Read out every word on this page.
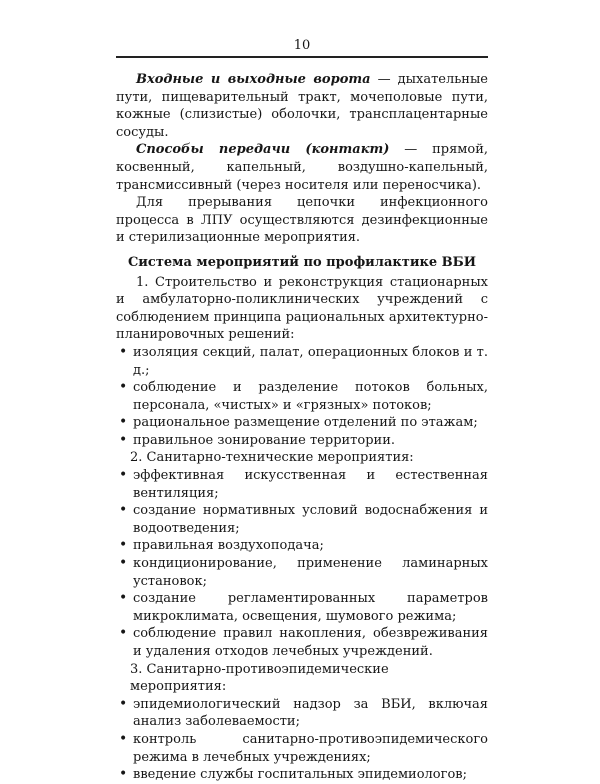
10

Входные и выходные ворота — дыхательные пути, пищеварительный тракт, мочеполовые пути, кожные (слизистые) оболочки, трансплацентарные сосуды.

Способы передачи (контакт) — прямой, косвенный, капельный, воздушно-капельный, трансмиссивный (через носителя или переносчика).

Для прерывания цепочки инфекционного процесса в ЛПУ осуществляются дезинфекционные и стерилизационные мероприятия.

Система мероприятий по профилактике ВБИ

1. Строительство и реконструкция стационарных и амбулаторно-поликлинических учреждений с соблюдением принципа рациональных архитектурно-планировочных решений:

• изоляция секций, палат, операционных блоков и т. д.;
• соблюдение и разделение потоков больных, персонала, «чистых» и «грязных» потоков;
• рациональное размещение отделений по этажам;
• правильное зонирование территории.

2. Санитарно-технические мероприятия:

• эффективная искусственная и естественная вентиляция;
• создание нормативных условий водоснабжения и водоотведения;
• правильная воздухоподача;
• кондиционирование, применение ламинарных установок;
• создание регламентированных параметров микроклимата, освещения, шумового режима;
• соблюдение правил накопления, обезвреживания и удаления отходов лечебных учреждений.

3. Санитарно-противоэпидемические мероприятия:

• эпидемиологический надзор за ВБИ, включая анализ заболеваемости;
• контроль санитарно-противоэпидемического режима в лечебных учреждениях;
• введение службы госпитальных эпидемиологов;
